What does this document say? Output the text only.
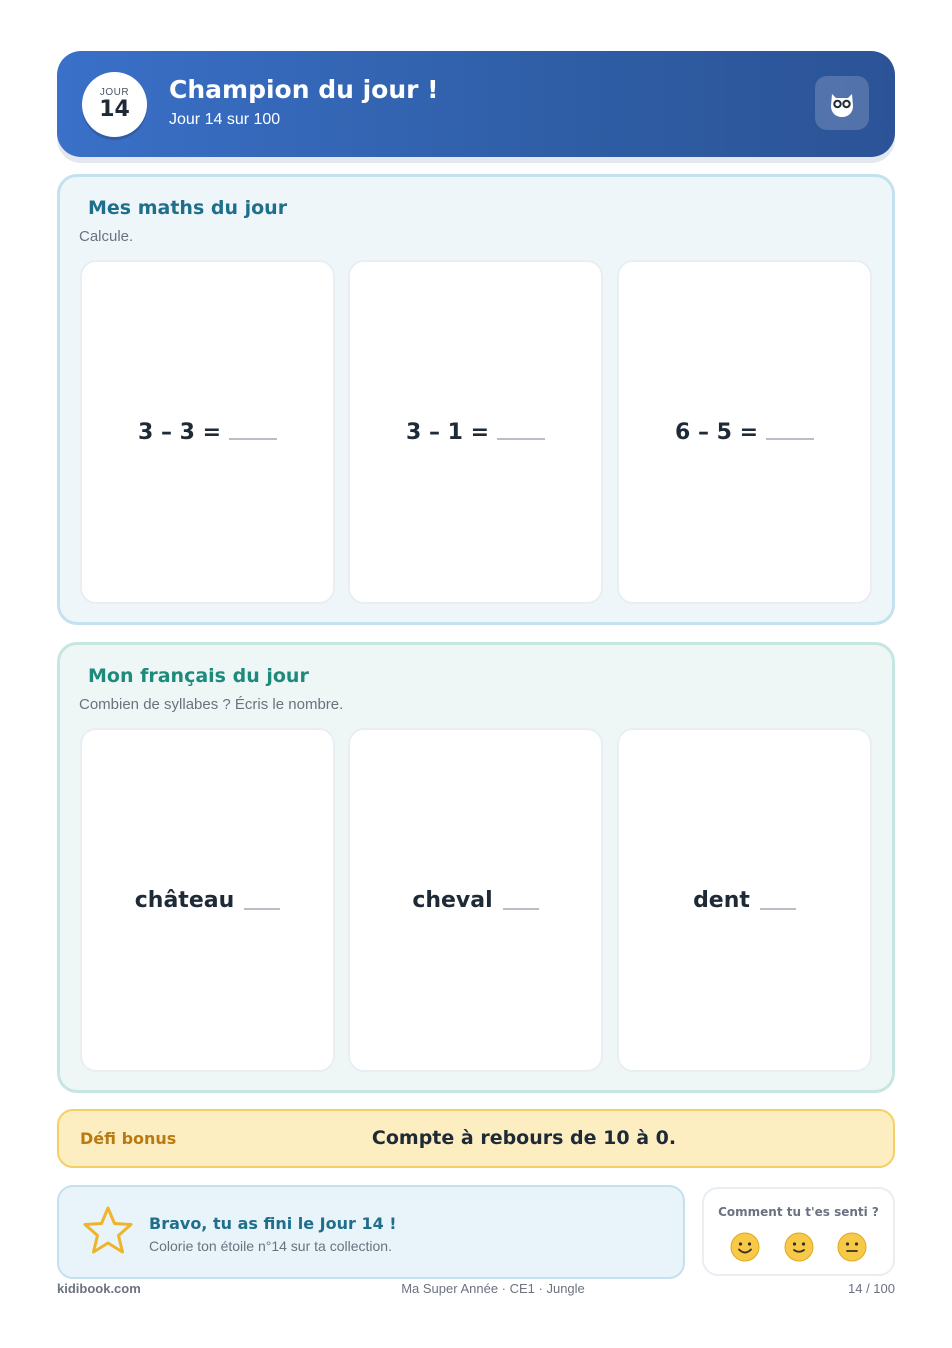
JOUR
14
Champion du jour !
Jour 14 sur 100
Mes maths du jour
Calcule.
3 – 3 =	3 – 1 =	6 – 5 =
Mon français du jour
Combien de syllabes ? Écris le nombre.
château	cheval	dent
Défi bonus	Compte à rebours de 10 à 0.
Bravo, tu as fini le Jour 14 !
Colorie ton étoile n°14 sur ta collection.
Comment tu t'es senti ?
kidibook.com	Ma Super Année · CE1 · Jungle	14 / 100
